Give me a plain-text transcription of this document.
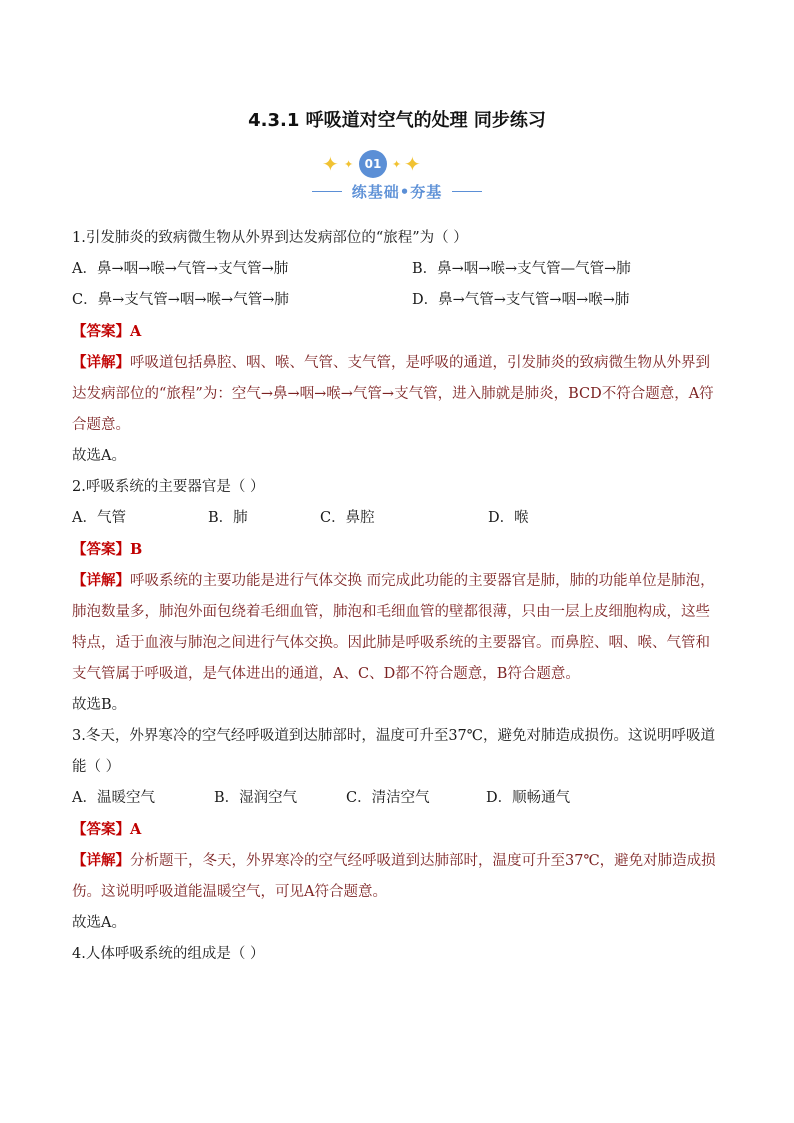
4.3.1 呼吸道对空气的处理 同步练习
✦ ✦ 01 ✦ ✦
练基础•夯基
1.引发肺炎的致病微生物从外界到达发病部位的“旅程”为（ ）
A．鼻→咽→喉→气管→支气管→肺	B．鼻→咽→喉→支气管—气管→肺
C．鼻→支气管→咽→喉→气管→肺	D．鼻→气管→支气管→咽→喉→肺
【答案】A
【详解】呼吸道包括鼻腔、咽、喉、气管、支气管，是呼吸的通道，引发肺炎的致病微生物从外界到达发病部位的“旅程”为：空气→鼻→咽→喉→气管→支气管，进入肺就是肺炎，BCD不符合题意，A符合题意。
故选A。
2.呼吸系统的主要器官是（ ）
A．气管	B．肺	C．鼻腔	D．喉
【答案】B
【详解】呼吸系统的主要功能是进行气体交换 而完成此功能的主要器官是肺，肺的功能单位是肺泡，肺泡数量多，肺泡外面包绕着毛细血管，肺泡和毛细血管的壁都很薄，只由一层上皮细胞构成，这些特点，适于血液与肺泡之间进行气体交换。因此肺是呼吸系统的主要器官。而鼻腔、咽、喉、气管和支气管属于呼吸道，是气体进出的通道，A、C、D都不符合题意，B符合题意。
故选B。
3.冬天，外界寒冷的空气经呼吸道到达肺部时，温度可升至37℃，避免对肺造成损伤。这说明呼吸道能（ ）
A．温暖空气	B．湿润空气	C．清洁空气	D．顺畅通气
【答案】A
【详解】分析题干，冬天，外界寒冷的空气经呼吸道到达肺部时，温度可升至37℃，避免对肺造成损伤。这说明呼吸道能温暖空气，可见A符合题意。
故选A。
4.人体呼吸系统的组成是（ ）
